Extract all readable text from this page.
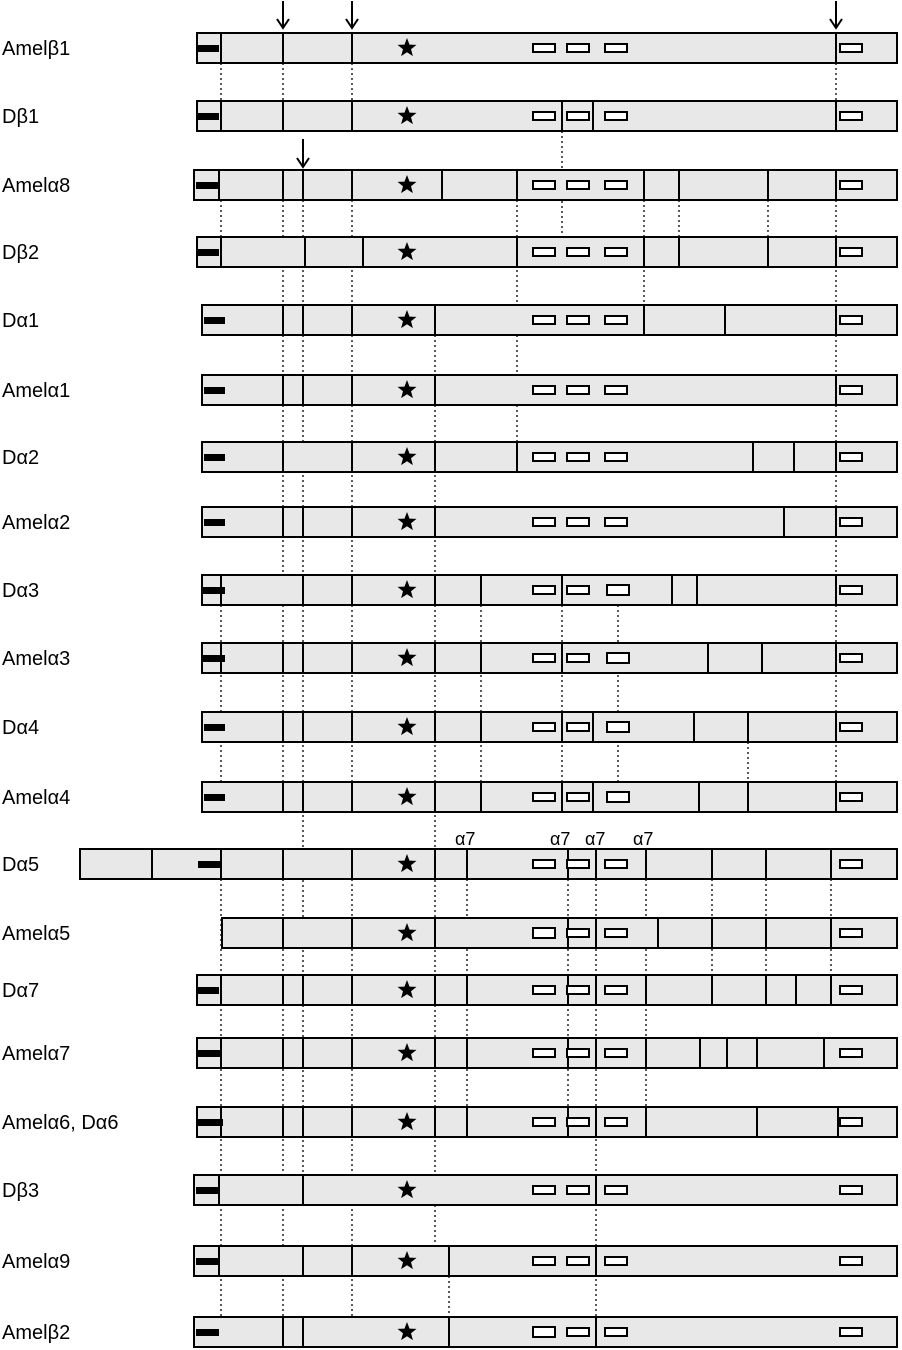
Amelβ1
Dβ1
Amelα8
Dβ2
Dα1
Amelα1
Dα2
Amelα2
Dα3
Amelα3
Dα4
Amelα4
Dα5
Amelα5
Dα7
Amelα7
Amelα6, Dα6
Dβ3
Amelα9
Amelβ2
α7	α7 α7 α7
